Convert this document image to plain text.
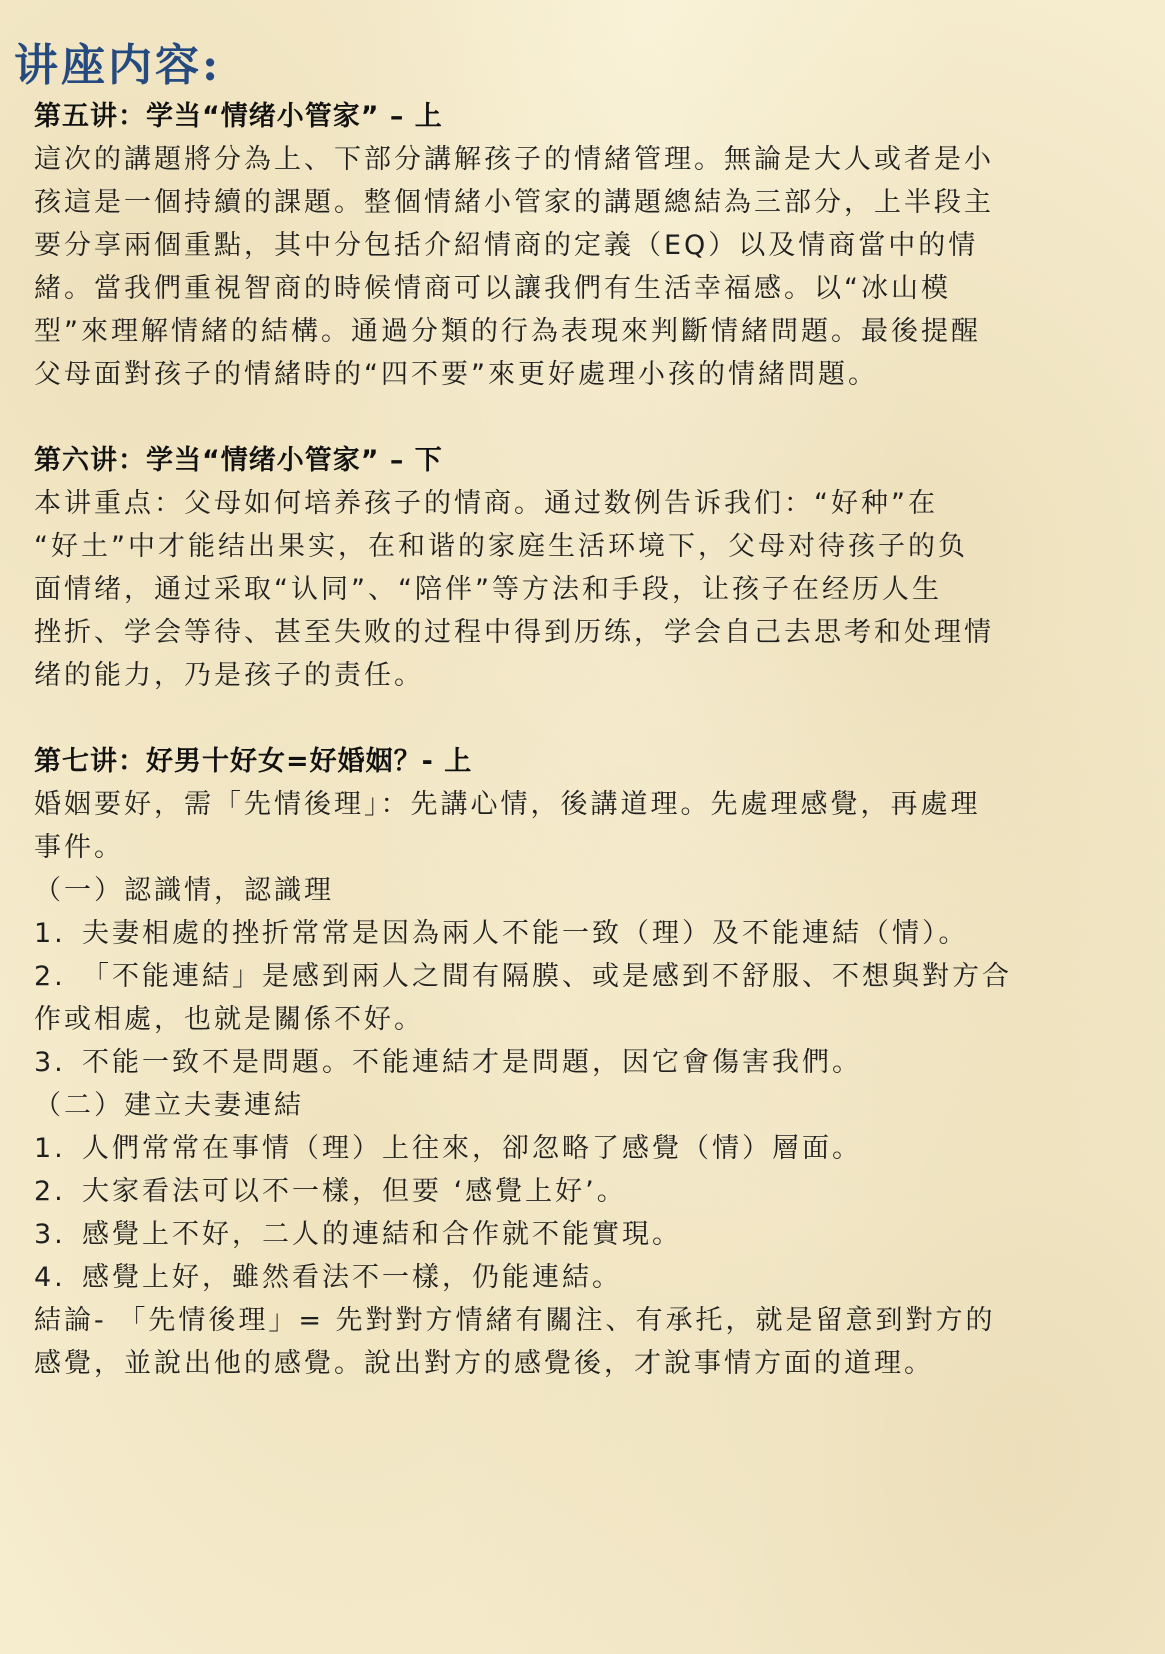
讲座内容:

第五讲：学当“情绪小管家” – 上

這次的講題將分為上、下部分講解孩子的情緒管理。無論是大人或者是小
孩這是一個持續的課題。整個情緒小管家的講題總結為三部分，上半段主
要分享兩個重點，其中分包括介紹情商的定義（EQ）以及情商當中的情
緒。當我們重視智商的時候情商可以讓我們有生活幸福感。以“冰山模
型”來理解情緒的結構。通過分類的行為表現來判斷情緒問題。最後提醒
父母面對孩子的情緒時的“四不要”來更好處理小孩的情緒問題。

第六讲：学当“情绪小管家” – 下

本讲重点：父母如何培养孩子的情商。通过数例告诉我们：“好种”在
“好土”中才能结出果实，在和谐的家庭生活环境下，父母对待孩子的负
面情绪，通过采取“认同”、“陪伴”等方法和手段，让孩子在经历人生
挫折、学会等待、甚至失败的过程中得到历练，学会自己去思考和处理情
绪的能力，乃是孩子的责任。

第七讲：好男十好女=好婚姻？- 上

婚姻要好，需「先情後理」：先講心情，後講道理。先處理感覺，再處理
事件。

（一）認識情，認識理

1. 夫妻相處的挫折常常是因為兩人不能一致（理）及不能連結（情）。

2. 「不能連結」是感到兩人之間有隔膜、或是感到不舒服、不想與對方合

作或相處，也就是關係不好。

3. 不能一致不是問題。不能連結才是問題，因它會傷害我們。

（二）建立夫妻連結

1. 人們常常在事情（理）上往來，卻忽略了感覺（情）層面。

2. 大家看法可以不一樣，但要 ‘感覺上好’。

3. 感覺上不好，二人的連結和合作就不能實現。

4. 感覺上好，雖然看法不一樣，仍能連結。

結論- 「先情後理」= 先對對方情緒有關注、有承托，就是留意到對方的
感覺，並說出他的感覺。說出對方的感覺後，才說事情方面的道理。
